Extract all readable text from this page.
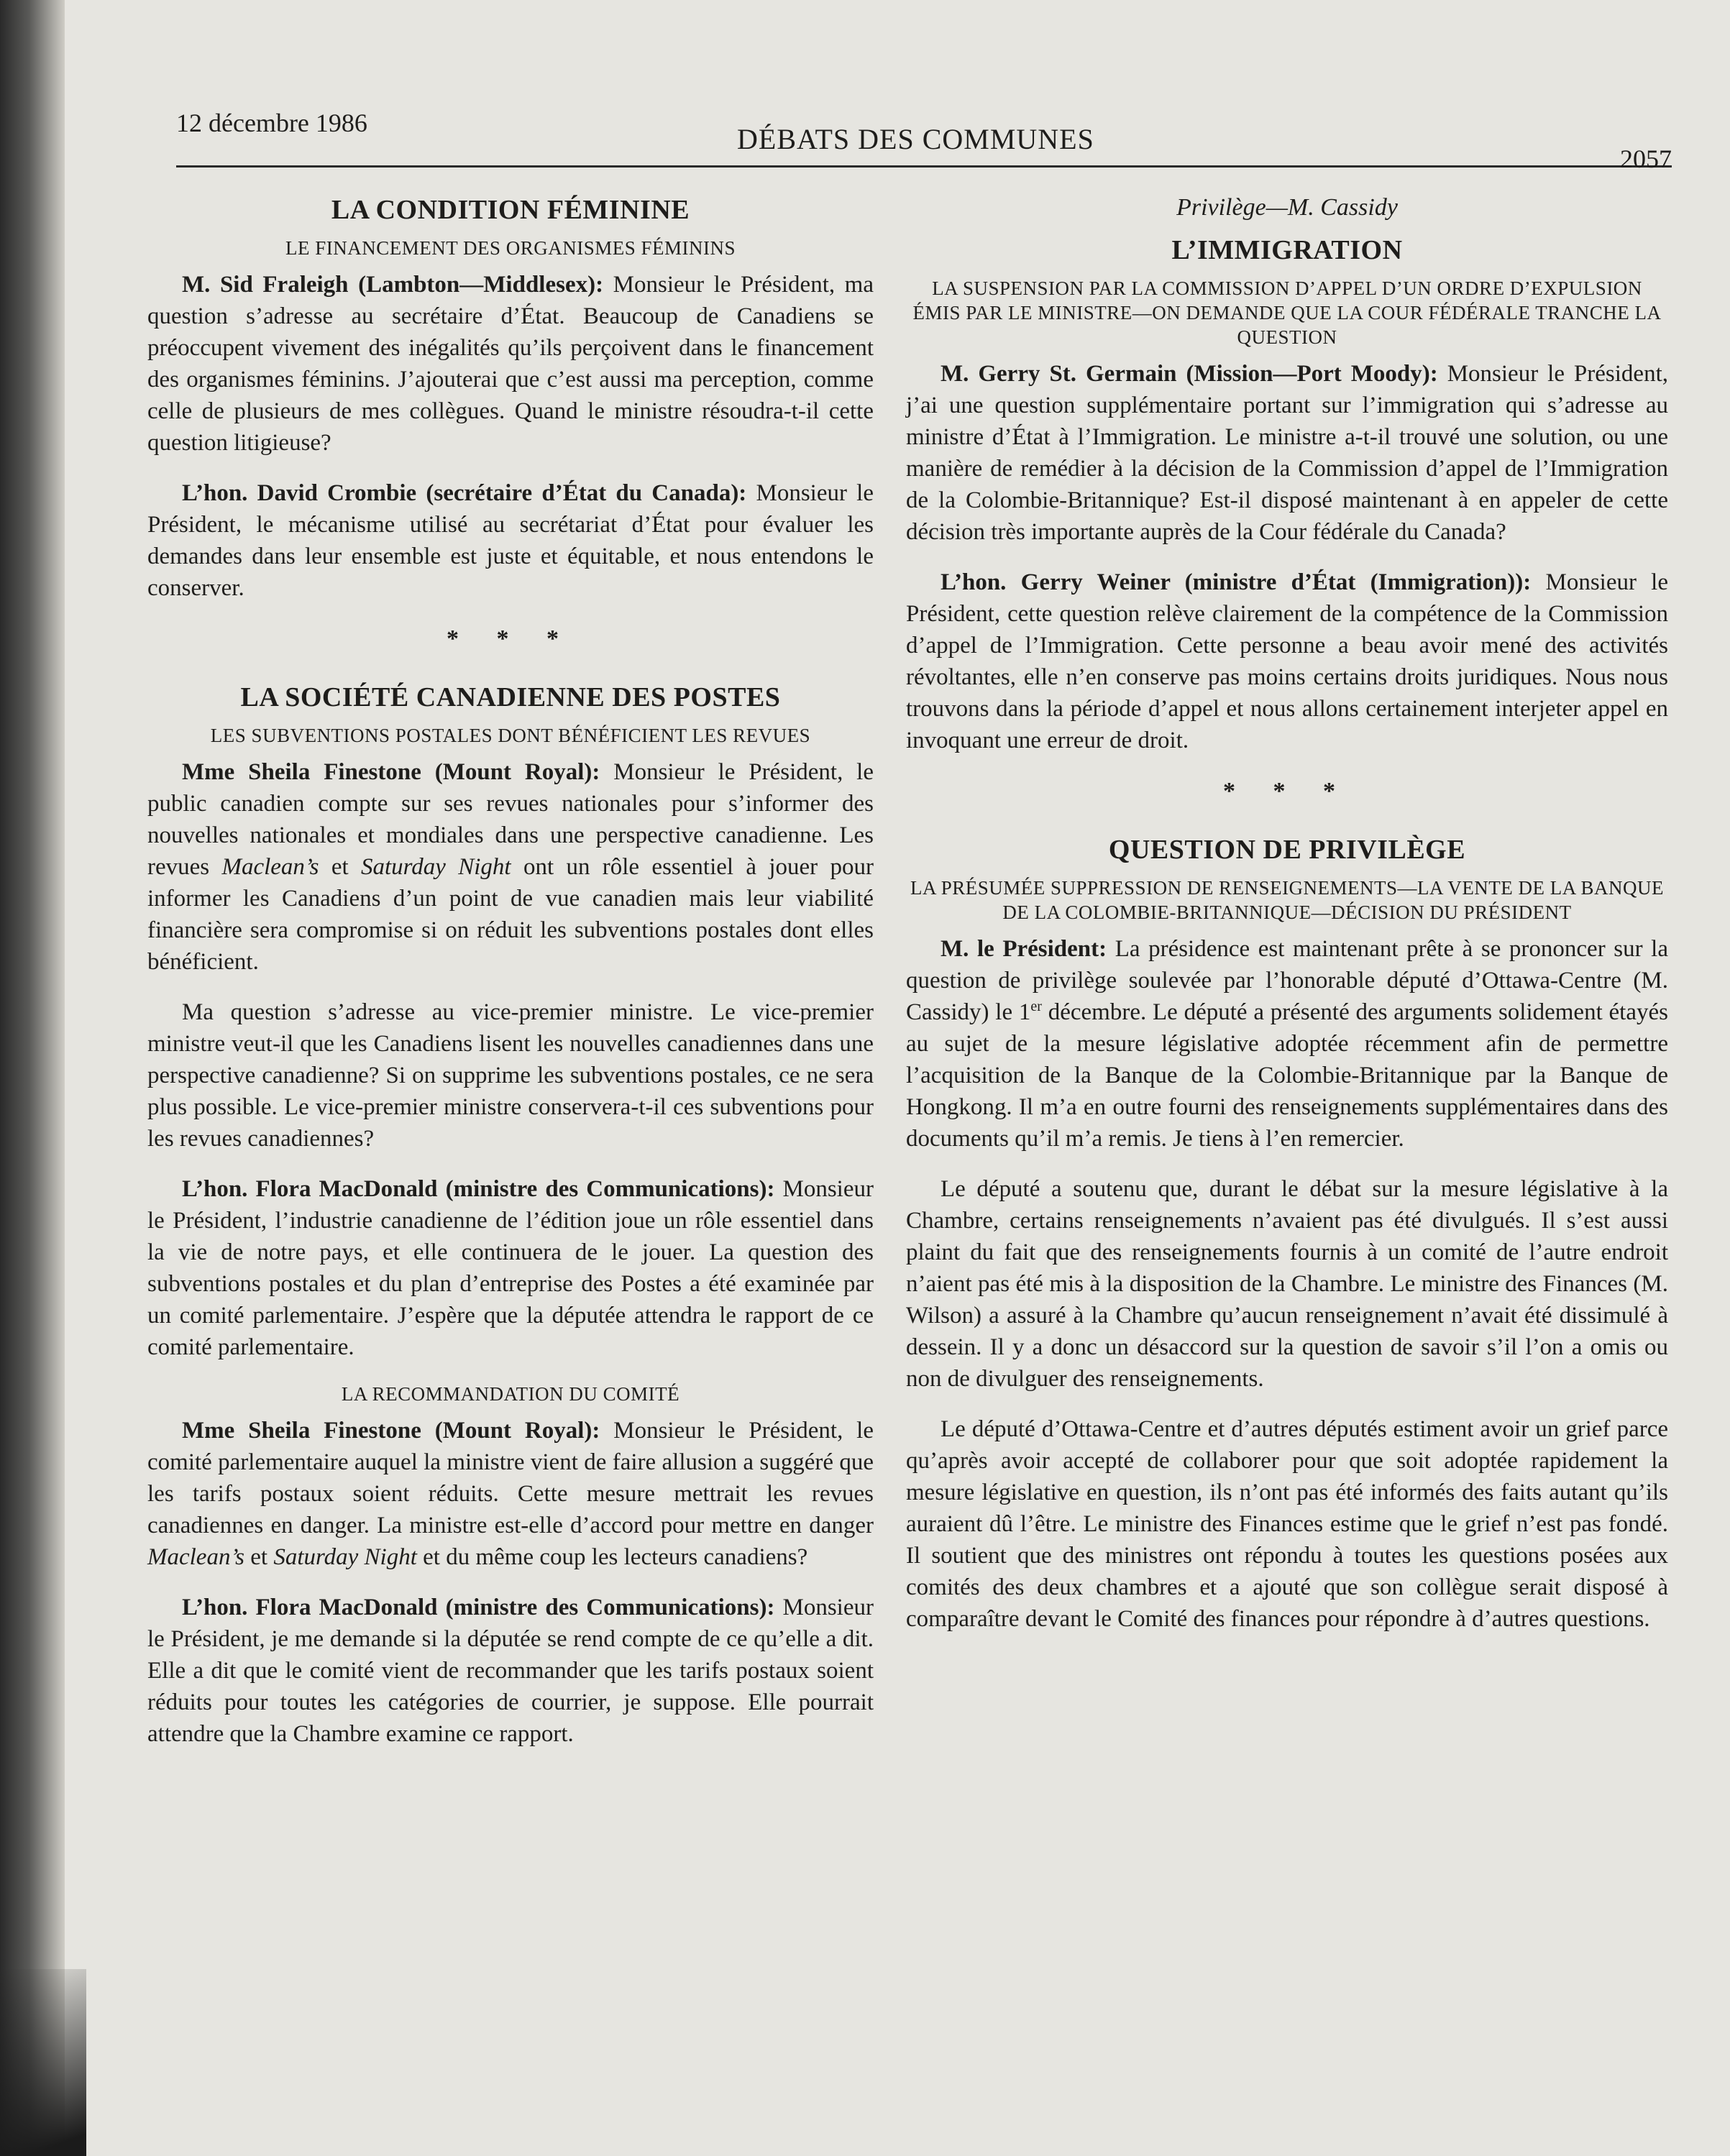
12 décembre 1986	DÉBATS DES COMMUNES
2057
LA CONDITION FÉMININE
LE FINANCEMENT DES ORGANISMES FÉMININS

M. Sid Fraleigh (Lambton—Middlesex): Monsieur le Président, ma question s’adresse au secrétaire d’État. Beaucoup de Canadiens se préoccupent vivement des inégalités qu’ils perçoivent dans le financement des organismes féminins. J’ajouterai que c’est aussi ma perception, comme celle de plusieurs de mes collègues. Quand le ministre résoudra-t-il cette question litigieuse?

L’hon. David Crombie (secrétaire d’État du Canada): Monsieur le Président, le mécanisme utilisé au secrétariat d’État pour évaluer les demandes dans leur ensemble est juste et équitable, et nous entendons le conserver.

* * *
LA SOCIÉTÉ CANADIENNE DES POSTES
LES SUBVENTIONS POSTALES DONT BÉNÉFICIENT LES REVUES

Mme Sheila Finestone (Mount Royal): Monsieur le Président, le public canadien compte sur ses revues nationales pour s’informer des nouvelles nationales et mondiales dans une perspective canadienne. Les revues Maclean’s et Saturday Night ont un rôle essentiel à jouer pour informer les Canadiens d’un point de vue canadien mais leur viabilité financière sera compromise si on réduit les subventions postales dont elles bénéficient.

Ma question s’adresse au vice-premier ministre. Le vice-premier ministre veut-il que les Canadiens lisent les nouvelles canadiennes dans une perspective canadienne? Si on supprime les subventions postales, ce ne sera plus possible. Le vice-premier ministre conservera-t-il ces subventions pour les revues canadiennes?

L’hon. Flora MacDonald (ministre des Communications): Monsieur le Président, l’industrie canadienne de l’édition joue un rôle essentiel dans la vie de notre pays, et elle continuera de le jouer. La question des subventions postales et du plan d’entreprise des Postes a été examinée par un comité parlementaire. J’espère que la députée attendra le rapport de ce comité parlementaire.

LA RECOMMANDATION DU COMITÉ

Mme Sheila Finestone (Mount Royal): Monsieur le Président, le comité parlementaire auquel la ministre vient de faire allusion a suggéré que les tarifs postaux soient réduits. Cette mesure mettrait les revues canadiennes en danger. La ministre est-elle d’accord pour mettre en danger Maclean’s et Saturday Night et du même coup les lecteurs canadiens?

L’hon. Flora MacDonald (ministre des Communications): Monsieur le Président, je me demande si la députée se rend compte de ce qu’elle a dit. Elle a dit que le comité vient de recommander que les tarifs postaux soient réduits pour toutes les catégories de courrier, je suppose. Elle pourrait attendre que la Chambre examine ce rapport.

Privilège—M. Cassidy
L’IMMIGRATION
LA SUSPENSION PAR LA COMMISSION D’APPEL D’UN ORDRE D’EXPULSION ÉMIS PAR LE MINISTRE—ON DEMANDE QUE LA COUR FÉDÉRALE TRANCHE LA QUESTION

M. Gerry St. Germain (Mission—Port Moody): Monsieur le Président, j’ai une question supplémentaire portant sur l’immigration qui s’adresse au ministre d’État à l’Immigration. Le ministre a-t-il trouvé une solution, ou une manière de remédier à la décision de la Commission d’appel de l’Immigration de la Colombie-Britannique? Est-il disposé maintenant à en appeler de cette décision très importante auprès de la Cour fédérale du Canada?

L’hon. Gerry Weiner (ministre d’État (Immigration)): Monsieur le Président, cette question relève clairement de la compétence de la Commission d’appel de l’Immigration. Cette personne a beau avoir mené des activités révoltantes, elle n’en conserve pas moins certains droits juridiques. Nous nous trouvons dans la période d’appel et nous allons certainement interjeter appel en invoquant une erreur de droit.

* * *
QUESTION DE PRIVILÈGE
LA PRÉSUMÉE SUPPRESSION DE RENSEIGNEMENTS—LA VENTE DE LA BANQUE DE LA COLOMBIE-BRITANNIQUE—DÉCISION DU PRÉSIDENT

M. le Président: La présidence est maintenant prête à se prononcer sur la question de privilège soulevée par l’honorable député d’Ottawa-Centre (M. Cassidy) le 1er décembre. Le député a présenté des arguments solidement étayés au sujet de la mesure législative adoptée récemment afin de permettre l’acquisition de la Banque de la Colombie-Britannique par la Banque de Hongkong. Il m’a en outre fourni des renseignements supplémentaires dans des documents qu’il m’a remis. Je tiens à l’en remercier.

Le député a soutenu que, durant le débat sur la mesure législative à la Chambre, certains renseignements n’avaient pas été divulgués. Il s’est aussi plaint du fait que des renseignements fournis à un comité de l’autre endroit n’aient pas été mis à la disposition de la Chambre. Le ministre des Finances (M. Wilson) a assuré à la Chambre qu’aucun renseignement n’avait été dissimulé à dessein. Il y a donc un désaccord sur la question de savoir s’il l’on a omis ou non de divulguer des renseignements.

Le député d’Ottawa-Centre et d’autres députés estiment avoir un grief parce qu’après avoir accepté de collaborer pour que soit adoptée rapidement la mesure législative en question, ils n’ont pas été informés des faits autant qu’ils auraient dû l’être. Le ministre des Finances estime que le grief n’est pas fondé. Il soutient que des ministres ont répondu à toutes les questions posées aux comités des deux chambres et a ajouté que son collègue serait disposé à comparaître devant le Comité des finances pour répondre à d’autres questions.
